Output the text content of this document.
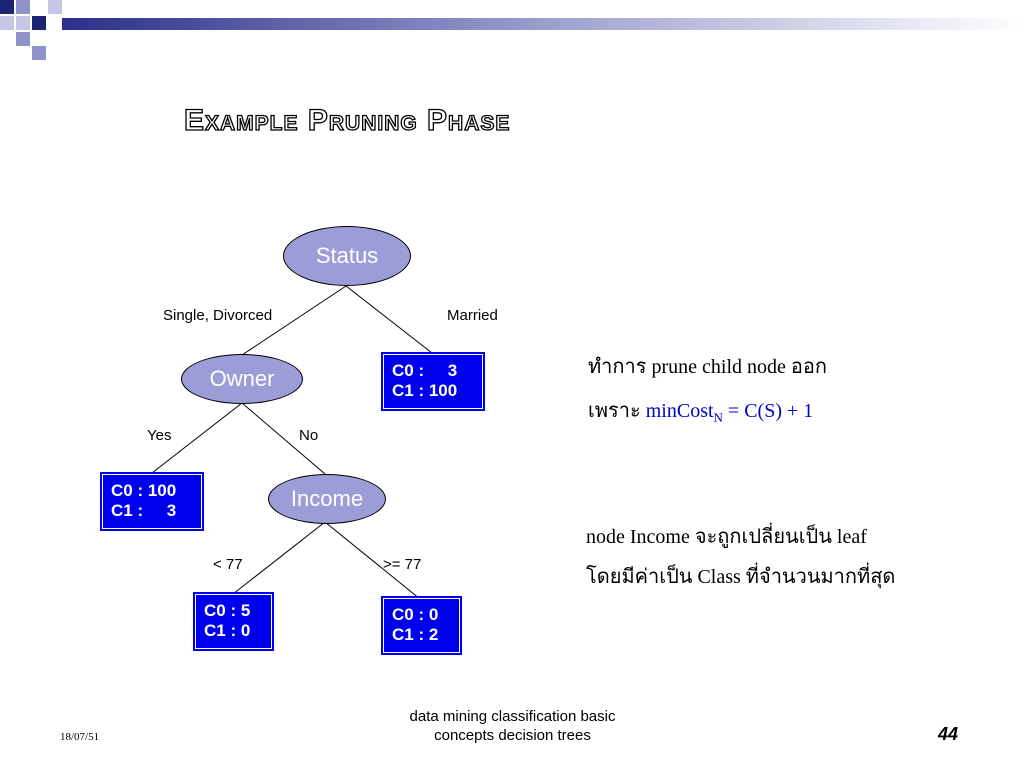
Example Pruning Phase
Status
Owner
Income
Single, Divorced	Married
Yes	No
< 77	>= 77
C0 :     3
C1 : 100
C0 : 100
C1 :     3
C0 : 5
C1 : 0
C0 : 0
C1 : 2
ทำการ prune child node ออก
เพราะ minCost$_N$ = C(S) + 1
node Income จะถูกเปลี่ยนเป็น leaf
โดยมีค่าเป็น Class ที่จำนวนมากที่สุด
18/07/51
data mining classification basic
concepts decision trees	44
